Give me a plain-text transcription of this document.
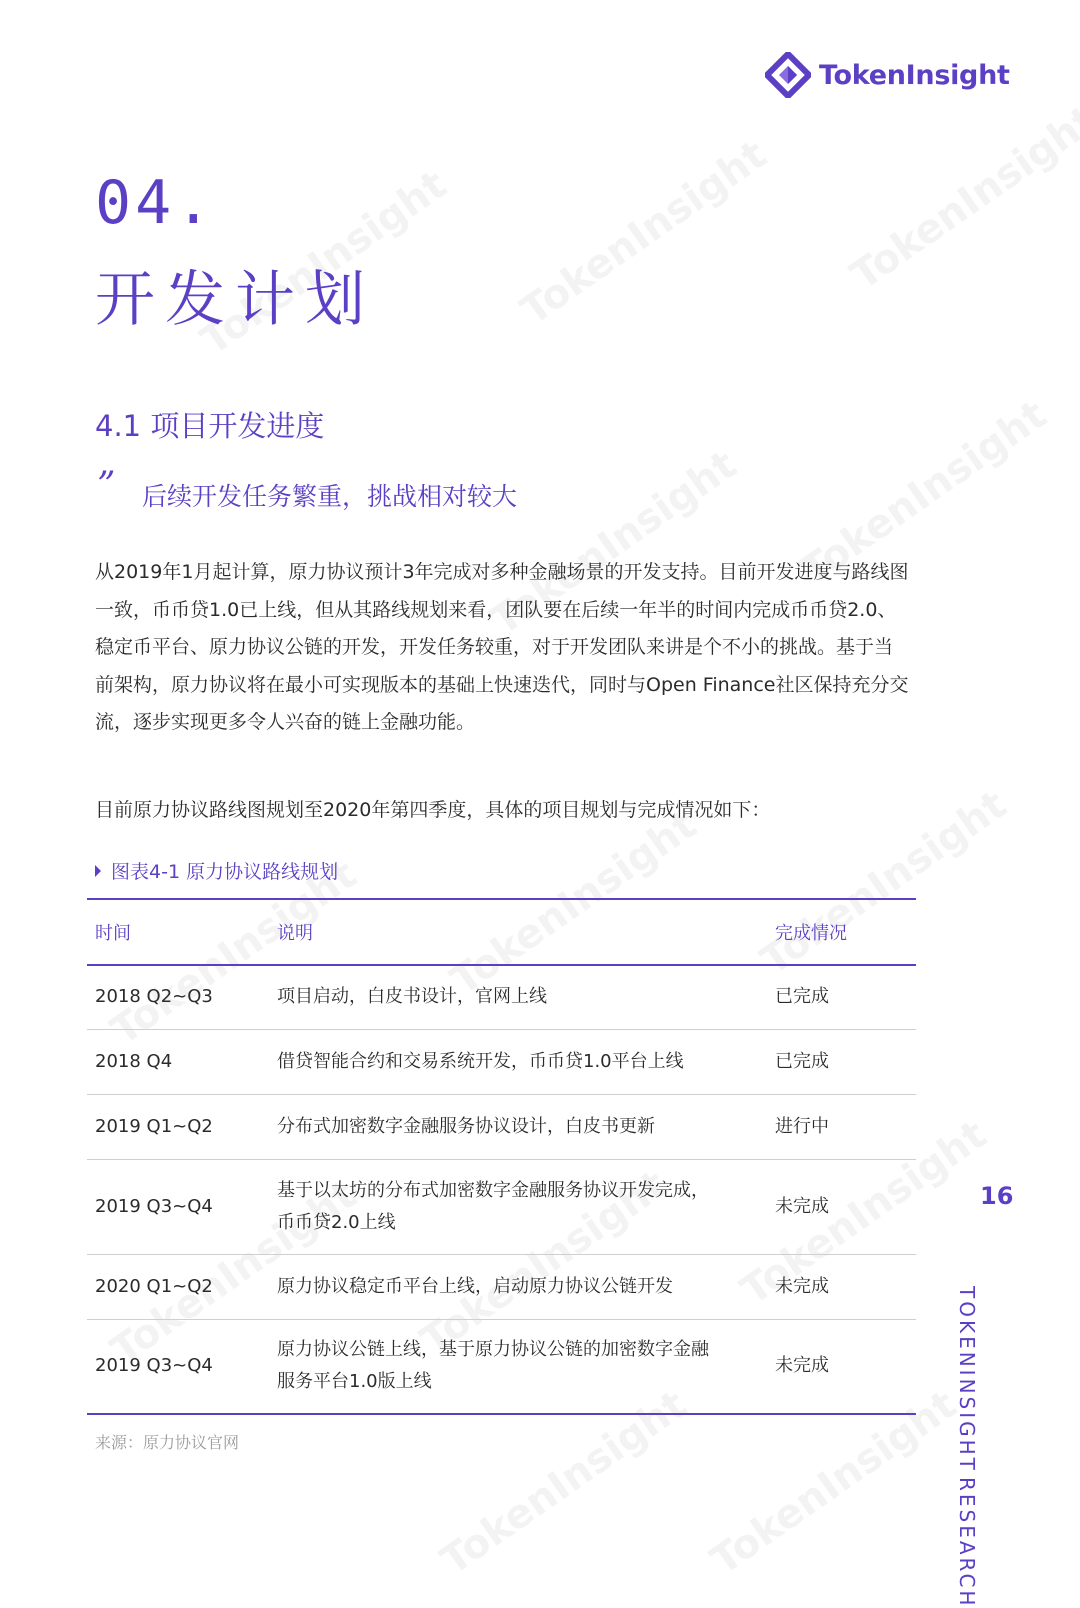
TokenInsight
04.
开发计划
4.1 项目开发进度
” 后续开发任务繁重，挑战相对较大
从2019年1月起计算，原力协议预计3年完成对多种金融场景的开发支持。目前开发进度与路线图一致，币币贷1.0已上线，但从其路线规划来看，团队要在后续一年半的时间内完成币币贷2.0、稳定币平台、原力协议公链的开发，开发任务较重，对于开发团队来讲是个不小的挑战。基于当前架构，原力协议将在最小可实现版本的基础上快速迭代，同时与Open Finance社区保持充分交流，逐步实现更多令人兴奋的链上金融功能。
目前原力协议路线图规划至2020年第四季度，具体的项目规划与完成情况如下：
图表4-1 原力协议路线规划
时间	说明	完成情况
2018 Q2~Q3	项目启动，白皮书设计，官网上线	已完成
2018 Q4	借贷智能合约和交易系统开发，币币贷1.0平台上线	已完成
2019 Q1~Q2	分布式加密数字金融服务协议设计，白皮书更新	进行中
2019 Q3~Q4	基于以太坊的分布式加密数字金融服务协议开发完成，
币币贷2.0上线	未完成
2020 Q1~Q2	原力协议稳定币平台上线，启动原力协议公链开发	未完成
2019 Q3~Q4	原力协议公链上线，基于原力协议公链的加密数字金融
服务平台1.0版上线	未完成
来源：原力协议官网
16
TOKENINSIGHT
RESEARCH
